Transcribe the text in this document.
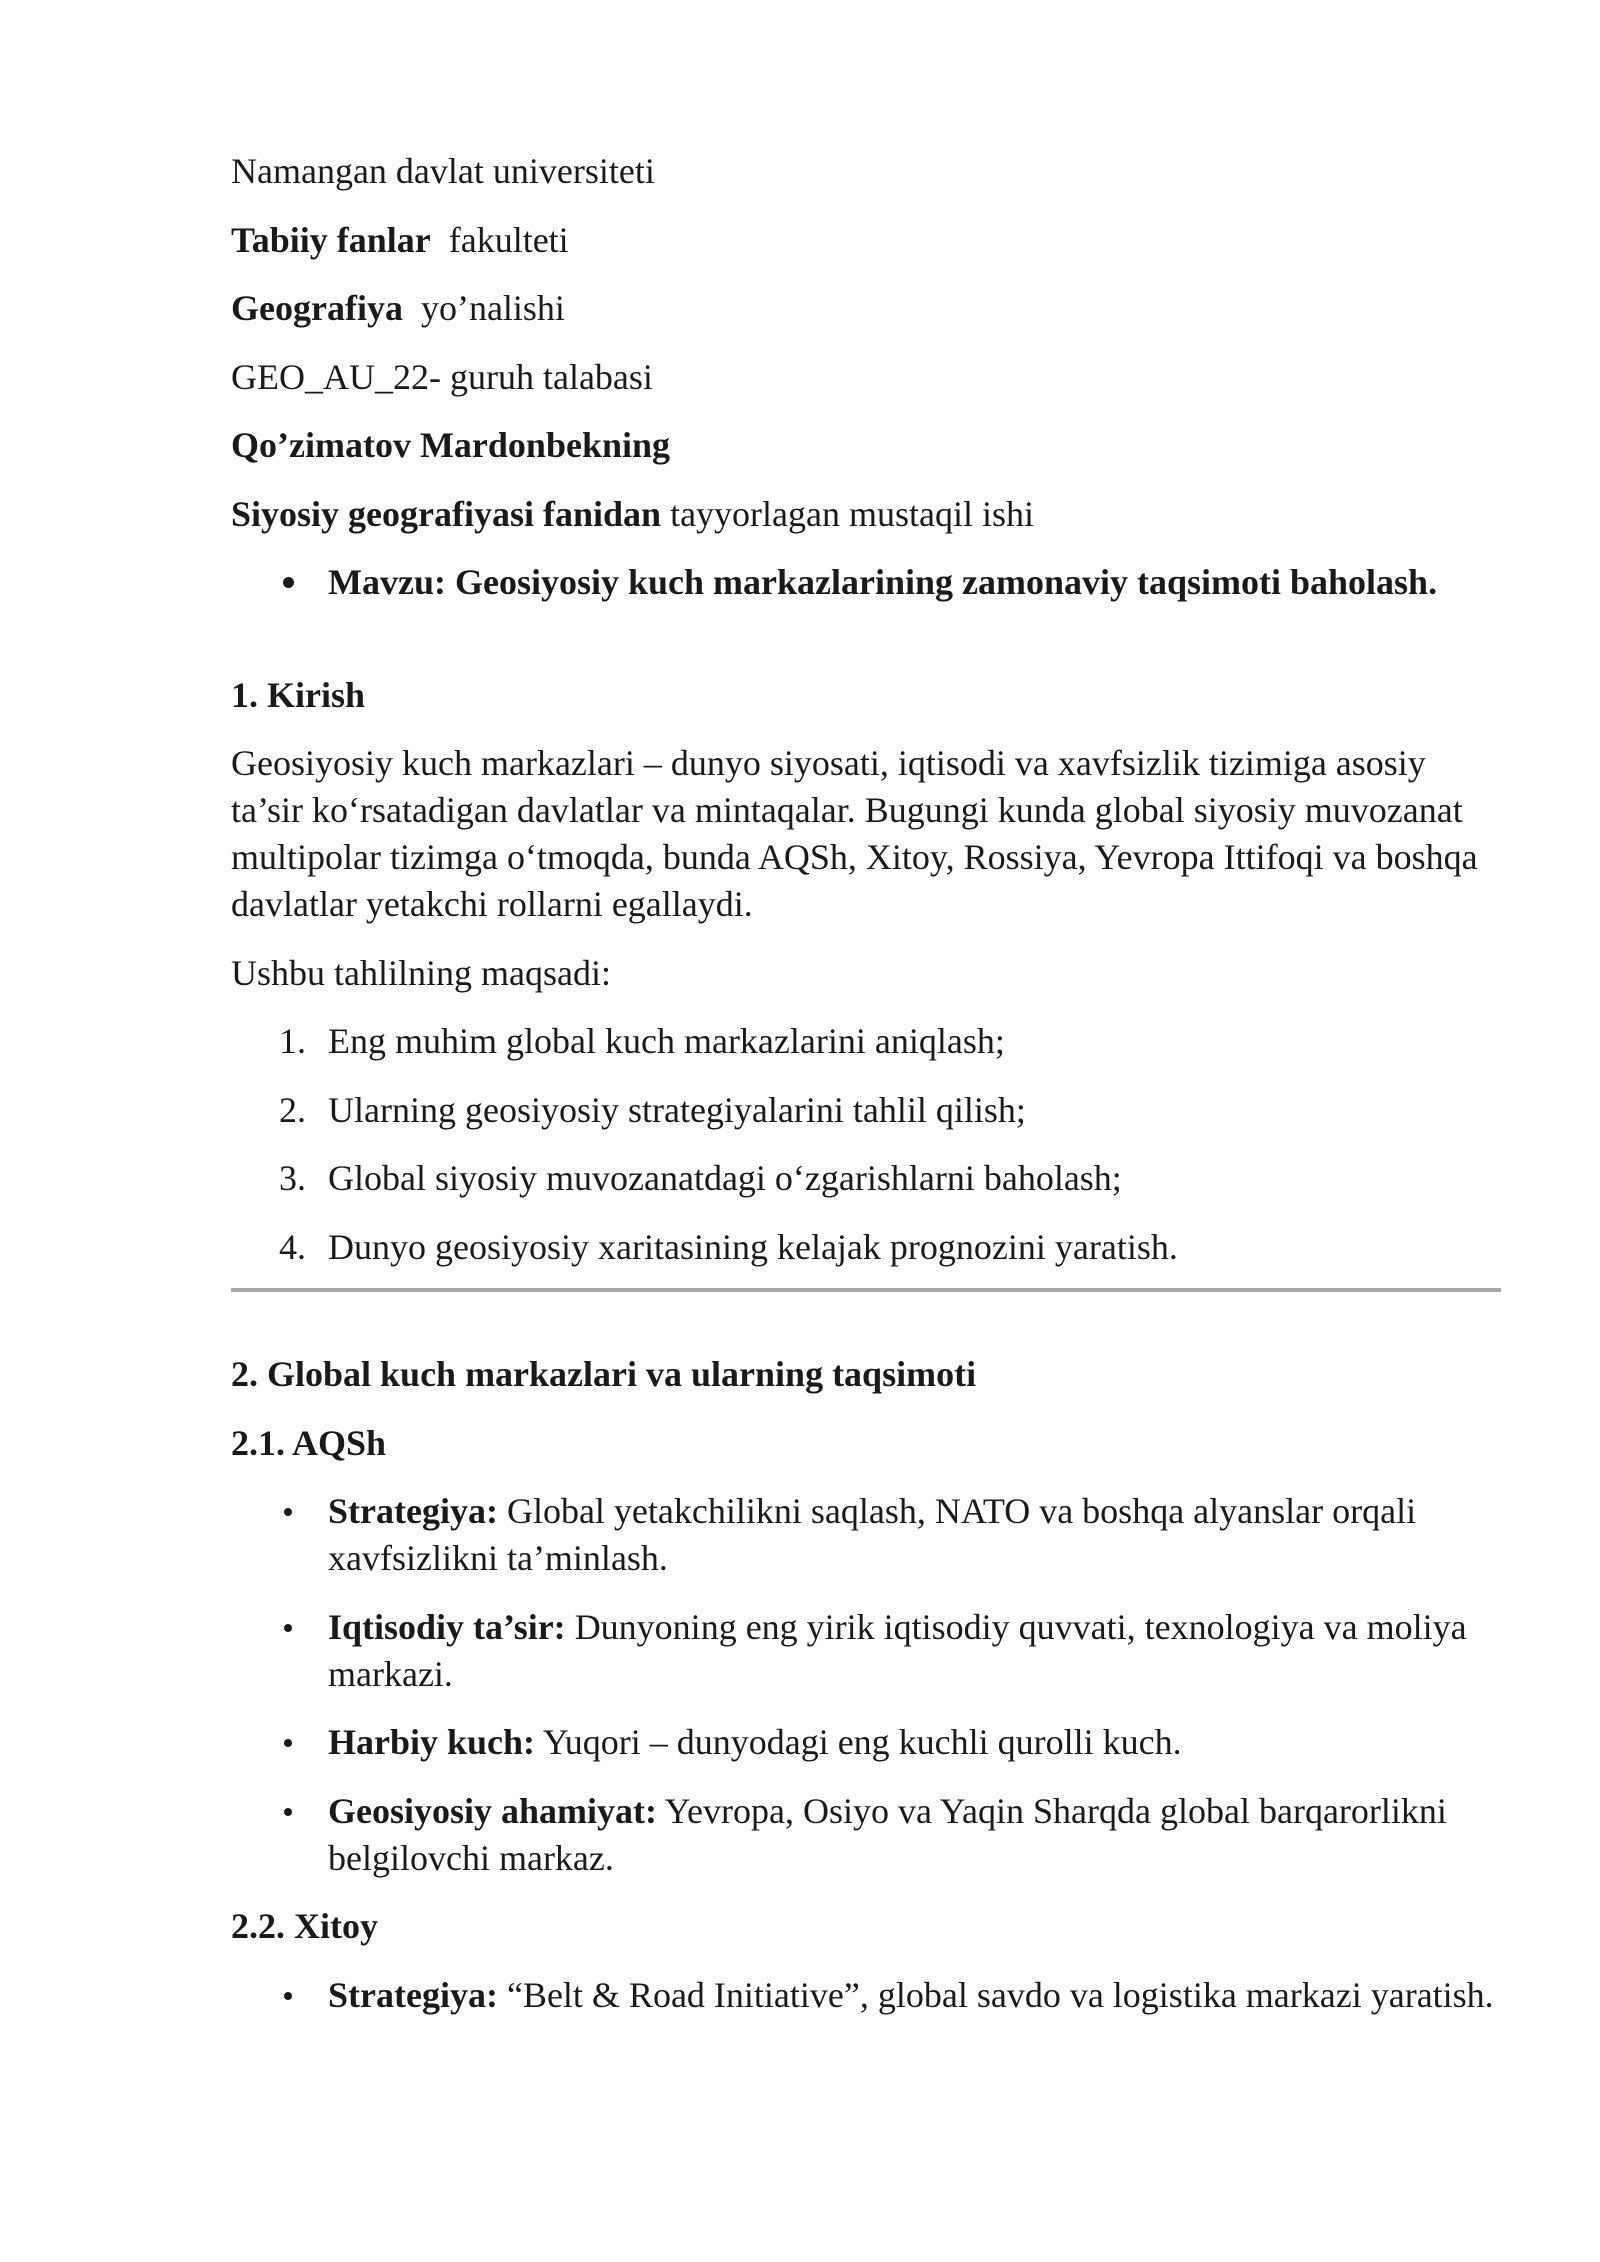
Namangan davlat universiteti

Tabiiy fanlar  fakulteti

Geografiya  yo’nalishi

GEO_AU_22- guruh talabasi

Qo’zimatov Mardonbekning

Siyosiy geografiyasi fanidan tayyorlagan mustaqil ishi

Mavzu: Geosiyosiy kuch markazlarining zamonaviy taqsimoti baholash.

1. Kirish

Geosiyosiy kuch markazlari – dunyo siyosati, iqtisodi va xavfsizlik tizimiga asosiy ta’sir ko‘rsatadigan davlatlar va mintaqalar. Bugungi kunda global siyosiy muvozanat multipolar tizimga o‘tmoqda, bunda AQSh, Xitoy, Rossiya, Yevropa Ittifoqi va boshqa davlatlar yetakchi rollarni egallaydi.

Ushbu tahlilning maqsadi:

1. Eng muhim global kuch markazlarini aniqlash;
2. Ularning geosiyosiy strategiyalarini tahlil qilish;
3. Global siyosiy muvozanatdagi o‘zgarishlarni baholash;
4. Dunyo geosiyosiy xaritasining kelajak prognozini yaratish.

2. Global kuch markazlari va ularning taqsimoti

2.1. AQSh

Strategiya: Global yetakchilikni saqlash, NATO va boshqa alyanslar orqali xavfsizlikni ta’minlash.
Iqtisodiy ta’sir: Dunyoning eng yirik iqtisodiy quvvati, texnologiya va moliya markazi.
Harbiy kuch: Yuqori – dunyodagi eng kuchli qurolli kuch.
Geosiyosiy ahamiyat: Yevropa, Osiyo va Yaqin Sharqda global barqarorlikni belgilovchi markaz.

2.2. Xitoy

Strategiya: “Belt & Road Initiative”, global savdo va logistika markazi yaratish.
